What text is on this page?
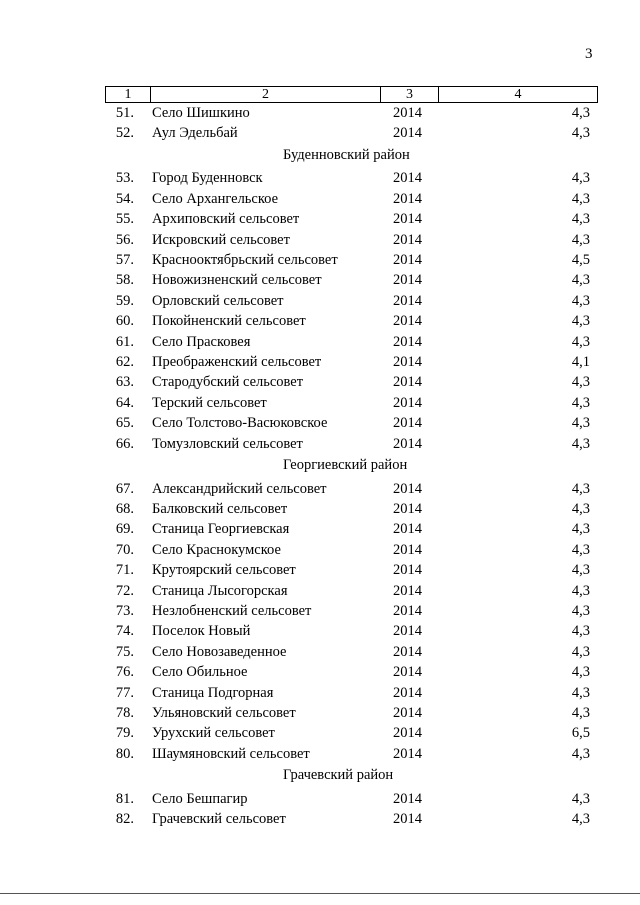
3
1	2	3	4
51. Село Шишкино	2014	4,3
52. Аул Эдельбай	2014	4,3
Буденновский район
53. Город Буденновск	2014	4,3
54. Село Архангельское	2014	4,3
55. Архиповский сельсовет	2014	4,3
56. Искровский сельсовет	2014	4,3
57. Краснооктябрьский сельсовет	2014	4,5
58. Новожизненский сельсовет	2014	4,3
59. Орловский сельсовет	2014	4,3
60. Покойненский сельсовет	2014	4,3
61. Село Прасковея	2014	4,3
62. Преображенский сельсовет	2014	4,1
63. Стародубский сельсовет	2014	4,3
64. Терский сельсовет	2014	4,3
65. Село Толстово-Васюковское	2014	4,3
66. Томузловский сельсовет	2014	4,3
Георгиевский район
67. Александрийский сельсовет	2014	4,3
68. Балковский сельсовет	2014	4,3
69. Станица Георгиевская	2014	4,3
70. Село Краснокумское	2014	4,3
71. Крутоярский сельсовет	2014	4,3
72. Станица Лысогорская	2014	4,3
73. Незлобненский сельсовет	2014	4,3
74. Поселок Новый	2014	4,3
75. Село Новозаведенное	2014	4,3
76. Село Обильное	2014	4,3
77. Станица Подгорная	2014	4,3
78. Ульяновский сельсовет	2014	4,3
79. Урухский сельсовет	2014	6,5
80. Шаумяновский сельсовет	2014	4,3
Грачевский район
81. Село Бешпагир	2014	4,3
82. Грачевский сельсовет	2014	4,3
